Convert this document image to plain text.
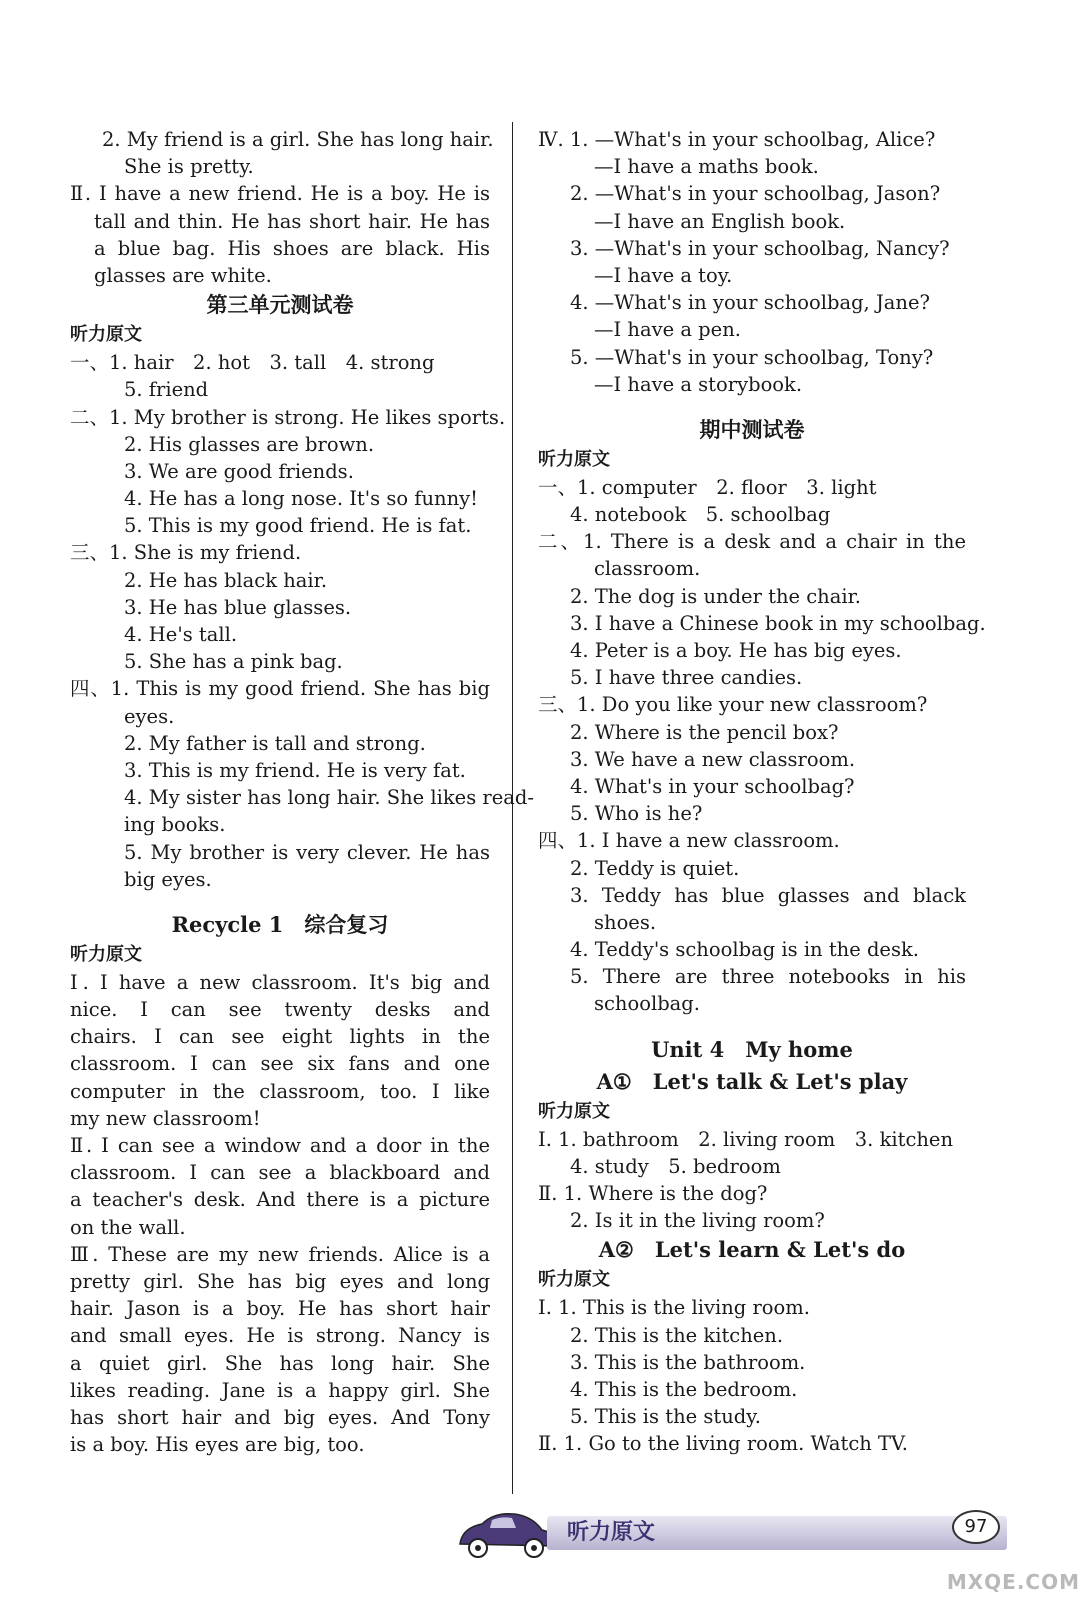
2. My friend is a girl. She has long hair.
She is pretty.
Ⅱ. I have a new friend. He is a boy. He is
tall and thin. He has short hair. He has
a blue bag. His shoes are black. His
glasses are white.
第三单元测试卷
听力原文
一、1. hair　2. hot　3. tall　4. strong
5. friend
二、1. My brother is strong. He likes sports.
2. His glasses are brown.
3. We are good friends.
4. He has a long nose. It's so funny!
5. This is my good friend. He is fat.
三、1. She is my friend.
2. He has black hair.
3. He has blue glasses.
4. He's tall.
5. She has a pink bag.
四、1. This is my good friend. She has big
eyes.
2. My father is tall and strong.
3. This is my friend. He is very fat.
4. My sister has long hair. She likes read-
ing books.
5. My brother is very clever. He has
big eyes.
Recycle 1　综合复习
听力原文
Ⅰ. I have a new classroom. It's big and
nice. I can see twenty desks and
chairs. I can see eight lights in the
classroom. I can see six fans and one
computer in the classroom, too. I like
my new classroom!
Ⅱ. I can see a window and a door in the
classroom. I can see a blackboard and
a teacher's desk. And there is a picture
on the wall.
Ⅲ. These are my new friends. Alice is a
pretty girl. She has big eyes and long
hair. Jason is a boy. He has short hair
and small eyes. He is strong. Nancy is
a quiet girl. She has long hair. She
likes reading. Jane is a happy girl. She
has short hair and big eyes. And Tony
is a boy. His eyes are big, too.
Ⅳ. 1. —What's in your schoolbag, Alice?
—I have a maths book.
2. —What's in your schoolbag, Jason?
—I have an English book.
3. —What's in your schoolbag, Nancy?
—I have a toy.
4. —What's in your schoolbag, Jane?
—I have a pen.
5. —What's in your schoolbag, Tony?
—I have a storybook.
期中测试卷
听力原文
一、1. computer　2. floor　3. light
4. notebook　5. schoolbag
二、1. There is a desk and a chair in the
classroom.
2. The dog is under the chair.
3. I have a Chinese book in my schoolbag.
4. Peter is a boy. He has big eyes.
5. I have three candies.
三、1. Do you like your new classroom?
2. Where is the pencil box?
3. We have a new classroom.
4. What's in your schoolbag?
5. Who is he?
四、1. I have a new classroom.
2. Teddy is quiet.
3. Teddy has blue glasses and black
shoes.
4. Teddy's schoolbag is in the desk.
5. There are three notebooks in his
schoolbag.
Unit 4　My home
A①　Let's talk & Let's play
听力原文
Ⅰ. 1. bathroom　2. living room　3. kitchen
4. study　5. bedroom
Ⅱ. 1. Where is the dog?
2. Is it in the living room?
A②　Let's learn & Let's do
听力原文
Ⅰ. 1. This is the living room.
2. This is the kitchen.
3. This is the bathroom.
4. This is the bedroom.
5. This is the study.
Ⅱ. 1. Go to the living room. Watch TV.
听力原文	97
MXQE.COM
